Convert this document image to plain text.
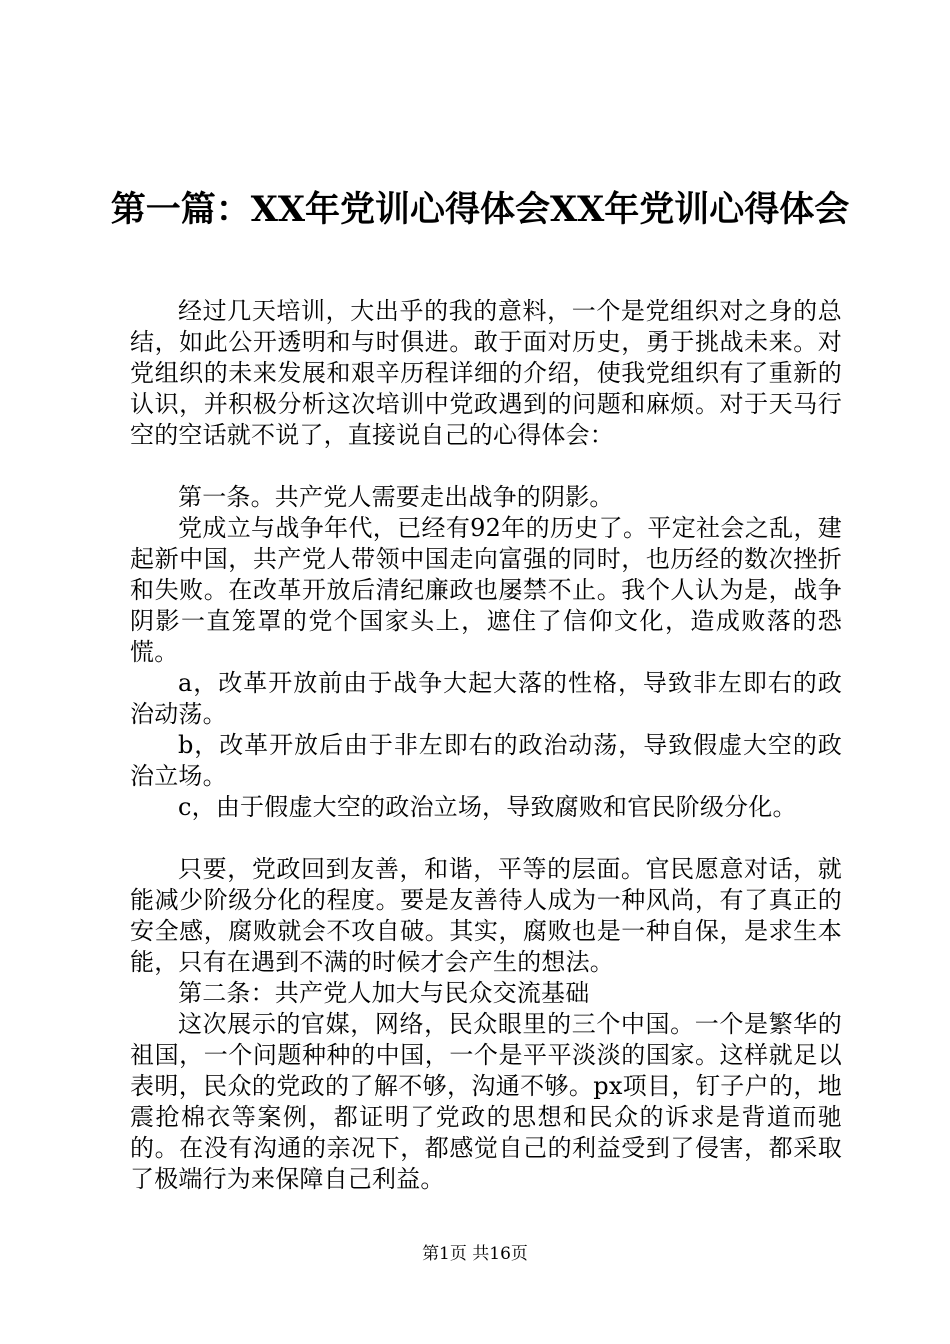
第一篇：XX年党训心得体会XX年党训心得体会

经过几天培训，大出乎的我的意料，一个是党组织对之身的总结，如此公开透明和与时俱进。敢于面对历史，勇于挑战未来。对党组织的未来发展和艰辛历程详细的介绍，使我党组织有了重新的认识，并积极分析这次培训中党政遇到的问题和麻烦。对于天马行空的空话就不说了，直接说自己的心得体会：

第一条。共产党人需要走出战争的阴影。

党成立与战争年代，已经有92年的历史了。平定社会之乱，建起新中国，共产党人带领中国走向富强的同时，也历经的数次挫折和失败。在改革开放后清纪廉政也屡禁不止。我个人认为是，战争阴影一直笼罩的党个国家头上，遮住了信仰文化，造成败落的恐慌。

a，改革开放前由于战争大起大落的性格，导致非左即右的政治动荡。

b，改革开放后由于非左即右的政治动荡，导致假虚大空的政治立场。

c，由于假虚大空的政治立场，导致腐败和官民阶级分化。

只要，党政回到友善，和谐，平等的层面。官民愿意对话，就能减少阶级分化的程度。要是友善待人成为一种风尚，有了真正的安全感，腐败就会不攻自破。其实，腐败也是一种自保，是求生本能，只有在遇到不满的时候才会产生的想法。

第二条：共产党人加大与民众交流基础

这次展示的官媒，网络，民众眼里的三个中国。一个是繁华的祖国，一个问题种种的中国，一个是平平淡淡的国家。这样就足以表明，民众的党政的了解不够，沟通不够。px项目，钉子户的，地震抢棉衣等案例，都证明了党政的思想和民众的诉求是背道而驰的。在没有沟通的亲况下，都感觉自己的利益受到了侵害，都采取了极端行为来保障自己利益。

第1页 共16页
